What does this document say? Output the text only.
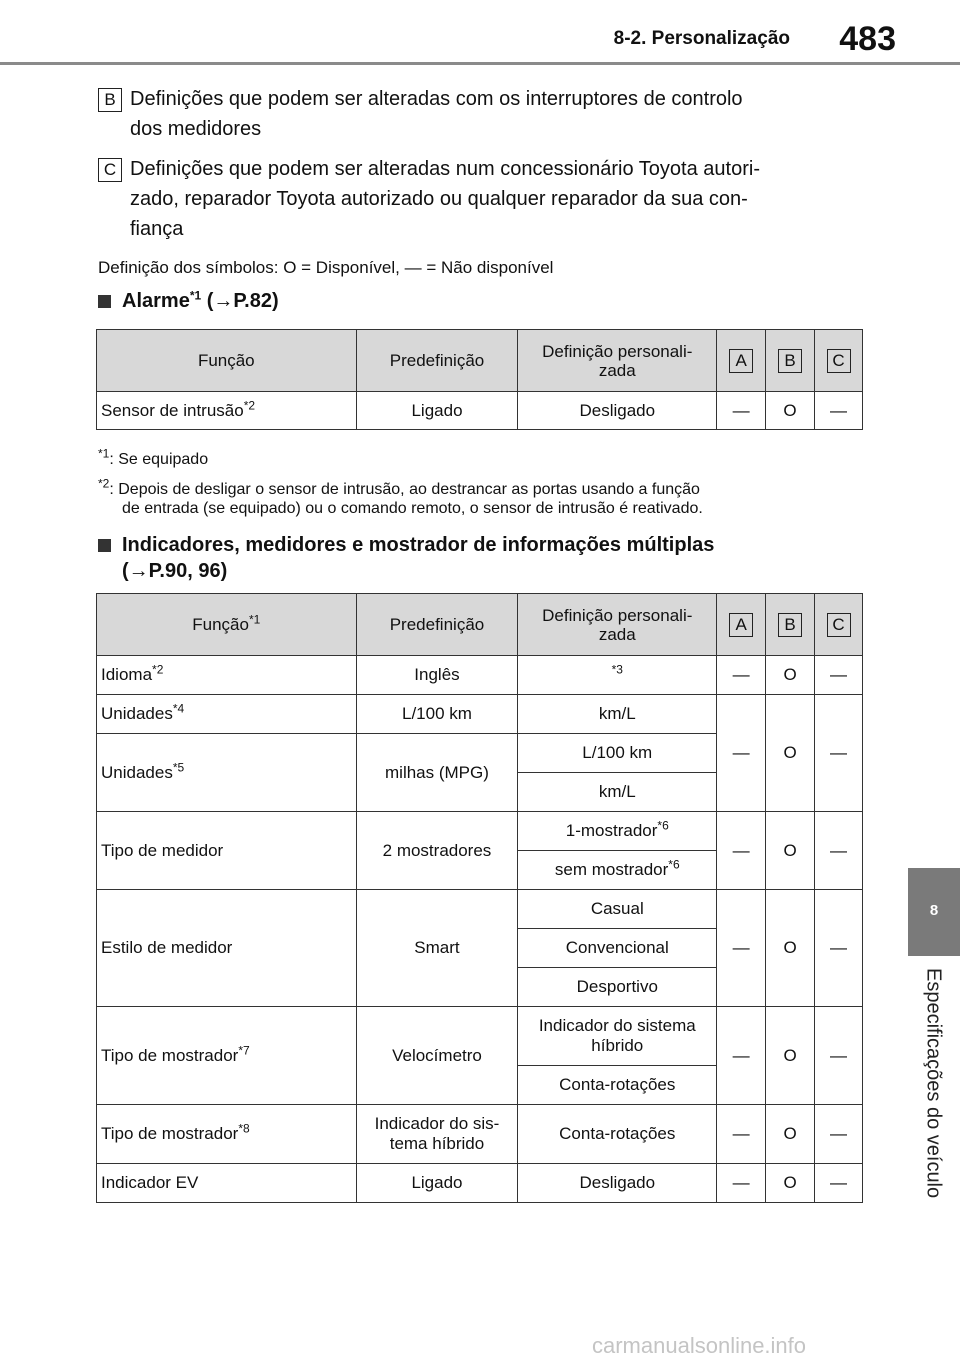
8-2. Personalização 483
8
Especificações do veículo
B Definições que podem ser alteradas com os interruptores de controlo
dos medidores
C Definições que podem ser alteradas num concessionário Toyota autori-
zado, reparador Toyota autorizado ou qualquer reparador da sua con-
fiança
Definição dos símbolos: O = Disponível, — = Não disponível
Alarme$^{*1}$ (→P.82)
Função	Predefinição	Definição personali-
zada	A	B	C
Sensor de intrusão$^{*2}$	Ligado	Desligado	—	O	—
$^{*1}$: Se equipado
$^{*2}$: Depois de desligar o sensor de intrusão, ao destrancar as portas usando a função

de entrada (se equipado) ou o comando remoto, o sensor de intrusão é reativado.
Indicadores, medidores e mostrador de informações múltiplas
(→P.90, 96)
Função$^{*1}$	Predefinição	Definição personali-
zada	A	B	C
Idioma$^{*2}$	Inglês	$^{*3}$	—	O	—
Unidades$^{*4}$	L/100 km	km/L	—	O	—
Unidades$^{*5}$	milhas (MPG)	L/100 km			
		km/L			
Tipo de medidor	2 mostradores	1-mostrador$^{*6}$	—	O	—
		sem mostrador$^{*6}$
Estilo de medidor	Smart	Casual	—	O	—
		Convencional			
		Desportivo			
Tipo de mostrador$^{*7}$	Velocímetro	Indicador do sistema
híbrido	—	O	—
		Conta-rotações			
Tipo de mostrador$^{*8}$	Indicador do sis-
tema híbrido	Conta-rotações	—	O	—
Indicador EV	Ligado	Desligado	—	O	—
carmanualsonline.info
